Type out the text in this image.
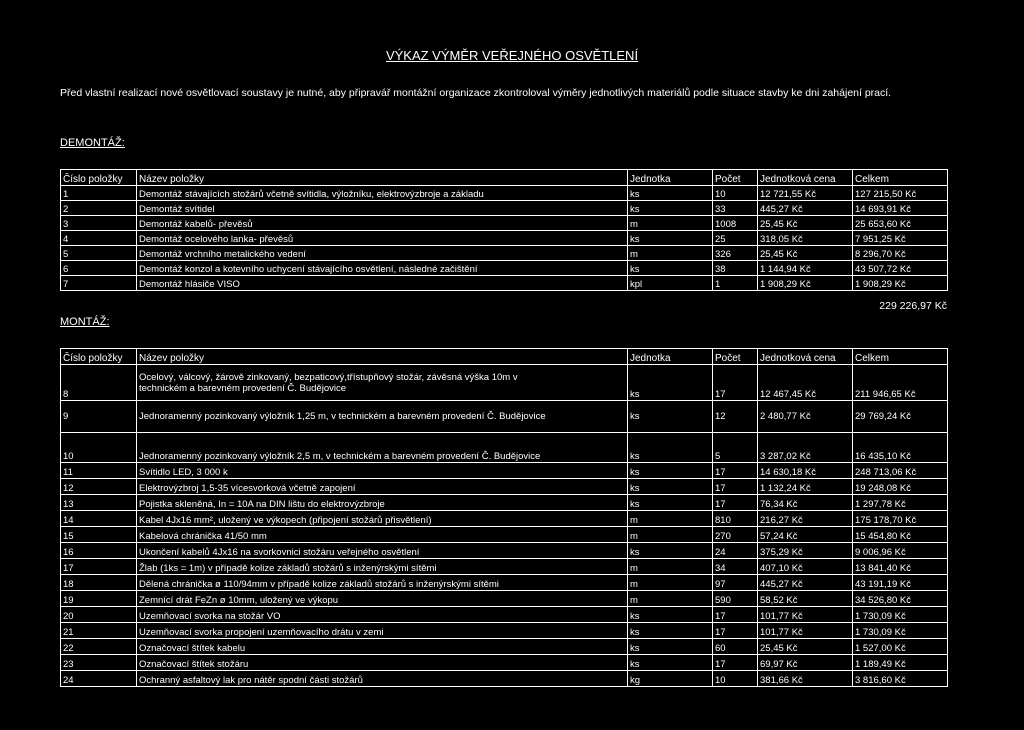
VÝKAZ VÝMĚR VEŘEJNÉHO OSVĚTLENÍ
Před vlastní realizací nové osvětlovací soustavy je nutné, aby připravář montážní organizace zkontroloval výměry jednotlivých materiálů podle situace stavby ke dni zahájení prací.
DEMONTÁŽ:
Číslo položky	Název položky	Jednotka	Počet	Jednotková cena	Celkem
1	Demontáž stávajících stožárů včetně svítidla, výložníku, elektrovýzbroje a základu	ks	10	12 721,55 Kč	127 215,50 Kč
2	Demontáž svítidel	ks	33	445,27 Kč	14 693,91 Kč
3	Demontáž kabelů- převěsů	m	1008	25,45 Kč	25 653,60 Kč
4	Demontáž ocelového lanka- převěsů	ks	25	318,05 Kč	7 951,25 Kč
5	Demontáž vrchního metalického vedení	m	326	25,45 Kč	8 296,70 Kč
6	Demontáž konzol a kotevního uchycení stávajícího osvětlení, následné začištění	ks	38	1 144,94 Kč	43 507,72 Kč
7	Demontáž hlásiče VISO	kpl	1	1 908,29 Kč	1 908,29 Kč
229 226,97 Kč
MONTÁŽ:
Číslo položky	Název položky	Jednotka	Počet	Jednotková cena	Celkem
8	Ocelový, válcový, žárově zinkovaný, bezpaticový,třístupňový stožár, závěsná výška 10m v
technickém a barevném provedení Č. Budějovice	ks	17	12 467,45 Kč	211 946,65 Kč
9	Jednoramenný pozinkovaný výložník 1,25 m, v technickém a barevném provedení Č. Budějovice	ks	12	2 480,77 Kč	29 769,24 Kč
10	Jednoramenný pozinkovaný výložník 2,5 m, v technickém a barevném provedení Č. Budějovice	ks	5	3 287,02 Kč	16 435,10 Kč
11	Svítidlo LED, 3 000 k	ks	17	14 630,18 Kč	248 713,06 Kč
12	Elektrovýzbroj 1,5-35 vícesvorková včetně zapojení	ks	17	1 132,24 Kč	19 248,08 Kč
13	Pojistka skleněná, In = 10A na DIN lištu do elektrovýzbroje	ks	17	76,34 Kč	1 297,78 Kč
14	Kabel 4Jx16 mm², uložený ve výkopech (připojení stožárů přisvětlení)	m	810	216,27 Kč	175 178,70 Kč
15	Kabelová chránička 41/50 mm	m	270	57,24 Kč	15 454,80 Kč
16	Ukončení kabelů 4Jx16 na svorkovnici stožáru veřejného osvětlení	ks	24	375,29 Kč	9 006,96 Kč
17	Žlab (1ks = 1m) v případě kolize základů stožárů s inženýrskými sítěmi	m	34	407,10 Kč	13 841,40 Kč
18	Dělená chránička ø 110/94mm v případě kolize základů stožárů s inženýrskými sítěmi	m	97	445,27 Kč	43 191,19 Kč
19	Zemnící drát FeZn ø 10mm, uložený ve výkopu	m	590	58,52 Kč	34 526,80 Kč
20	Uzemňovací svorka na stožár VO	ks	17	101,77 Kč	1 730,09 Kč
21	Uzemňovací svorka propojení uzemňovacího drátu v zemi	ks	17	101,77 Kč	1 730,09 Kč
22	Označovací štítek kabelu	ks	60	25,45 Kč	1 527,00 Kč
23	Označovací štítek stožáru	ks	17	69,97 Kč	1 189,49 Kč
24	Ochranný asfaltový lak pro nátěr spodní části stožárů	kg	10	381,66 Kč	3 816,60 Kč
